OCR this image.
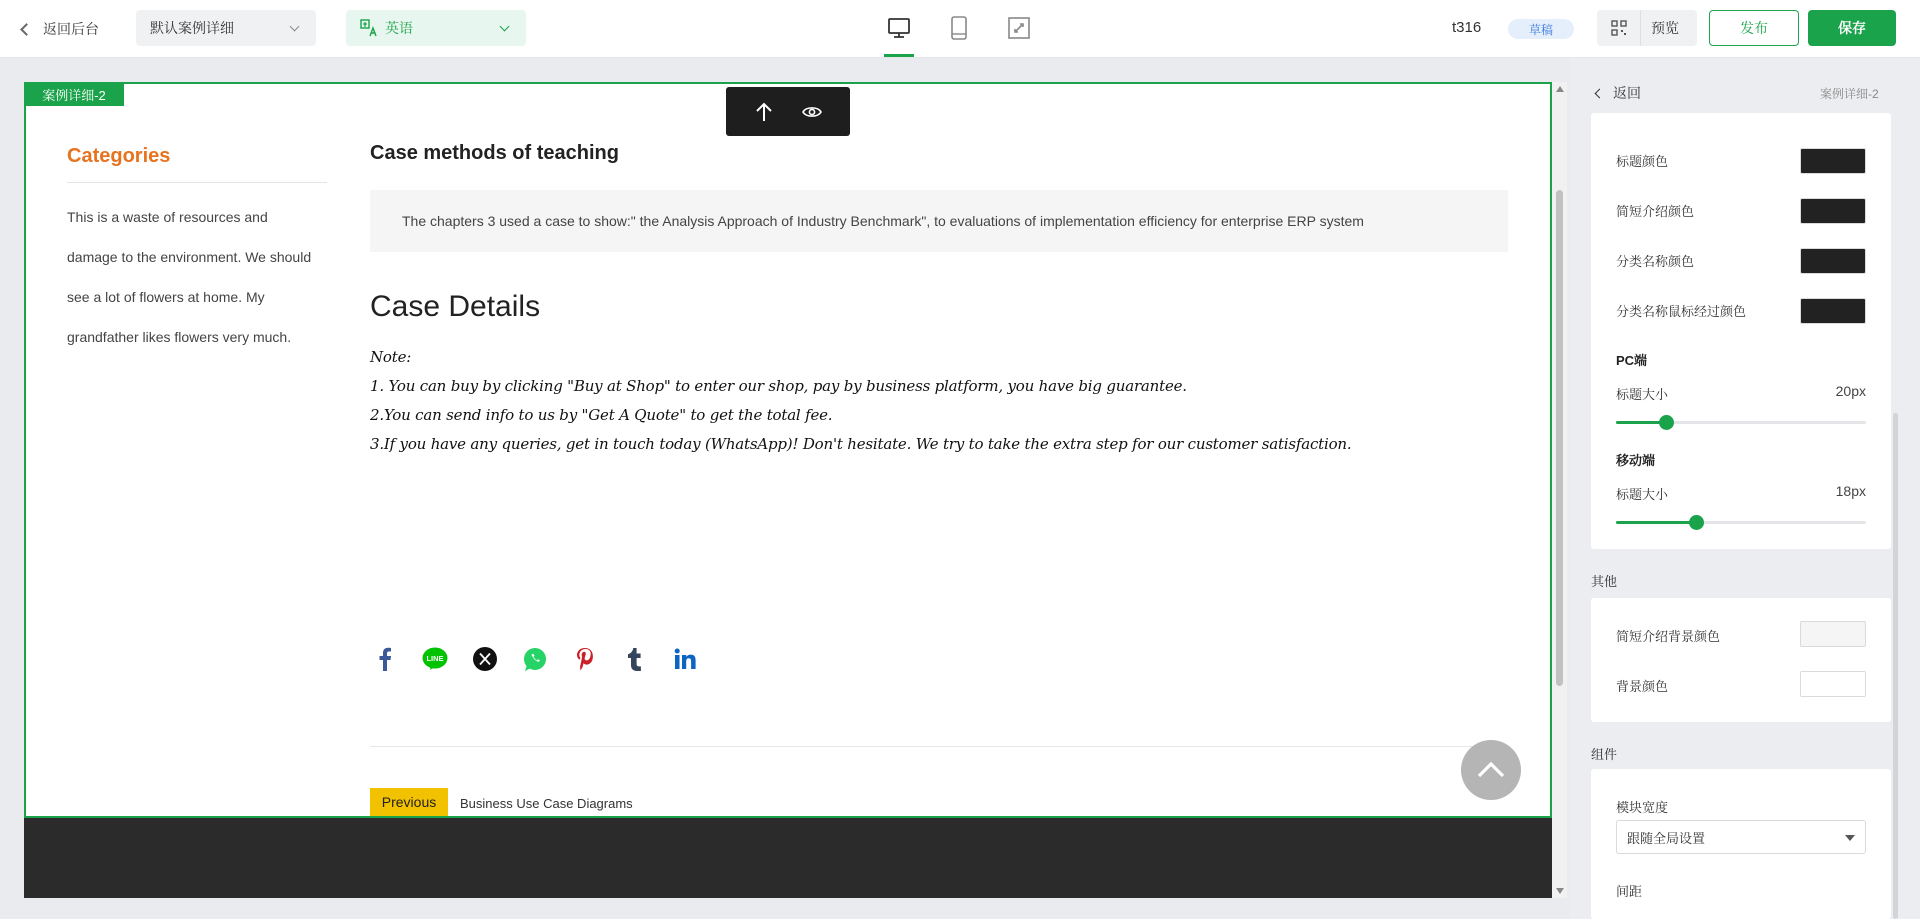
返回后台	默认案例详细	英语	t316	草稿	预览	发布	保存
Categories
This is a waste of resources and damage to the environment. We should see a lot of flowers at home. My grandfather likes flowers very much.
Case methods of teaching
The chapters 3 used a case to show:" the Analysis Approach of Industry Benchmark", to evaluations of implementation efficiency for enterprise ERP system
Case Details
Note:
1. You can buy by clicking "Buy at Shop" to enter our shop, pay by business platform, you have big guarantee.
2.You can send info to us by "Get A Quote" to get the total fee.
3.If you have any queries, get in touch today (WhatsApp)! Don't hesitate. We try to take the extra step for our customer satisfaction.
LINE
Previous	Business Use Case Diagrams
案例详细-2	返回	案例详细-2
标题颜色
简短介绍颜色
分类名称颜色
分类名称鼠标经过颜色
PC端
标题大小	20px
移动端
标题大小	18px
其他
简短介绍背景颜色
背景颜色
组件
模块宽度
跟随全局设置
间距
